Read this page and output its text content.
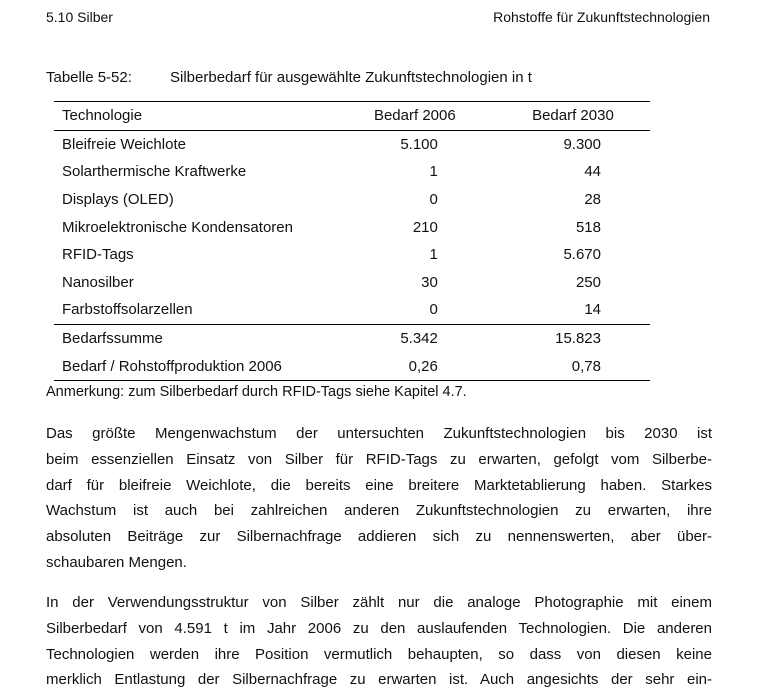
5.10 Silber	Rohstoffe für Zukunftstechnologien
Tabelle 5-52:	Silberbedarf für ausgewählte Zukunftstechnologien in t
Technologie	Bedarf 2006	Bedarf 2030
Bleifreie Weichlote	5.100	9.300
Solarthermische Kraftwerke	1	44
Displays (OLED)	0	28
Mikroelektronische Kondensatoren	210	518
RFID-Tags	1	5.670
Nanosilber	30	250
Farbstoffsolarzellen	0	14
Bedarfssumme	5.342	15.823
Bedarf / Rohstoffproduktion 2006	0,26	0,78
Anmerkung: zum Silberbedarf durch RFID-Tags siehe Kapitel 4.7.
Das größte Mengenwachstum der untersuchten Zukunftstechnologien bis 2030 ist
beim essenziellen Einsatz von Silber für RFID-Tags zu erwarten, gefolgt vom Silberbe-
darf für bleifreie Weichlote, die bereits eine breitere Marktetablierung haben. Starkes
Wachstum ist auch bei zahlreichen anderen Zukunftstechnologien zu erwarten, ihre
absoluten Beiträge zur Silbernachfrage addieren sich zu nennenswerten, aber über-
schaubaren Mengen.
In der Verwendungsstruktur von Silber zählt nur die analoge Photographie mit einem
Silberbedarf von 4.591 t im Jahr 2006 zu den auslaufenden Technologien. Die anderen
Technologien werden ihre Position vermutlich behaupten, so dass von diesen keine
merklich Entlastung der Silbernachfrage zu erwarten ist. Auch angesichts der sehr ein-
